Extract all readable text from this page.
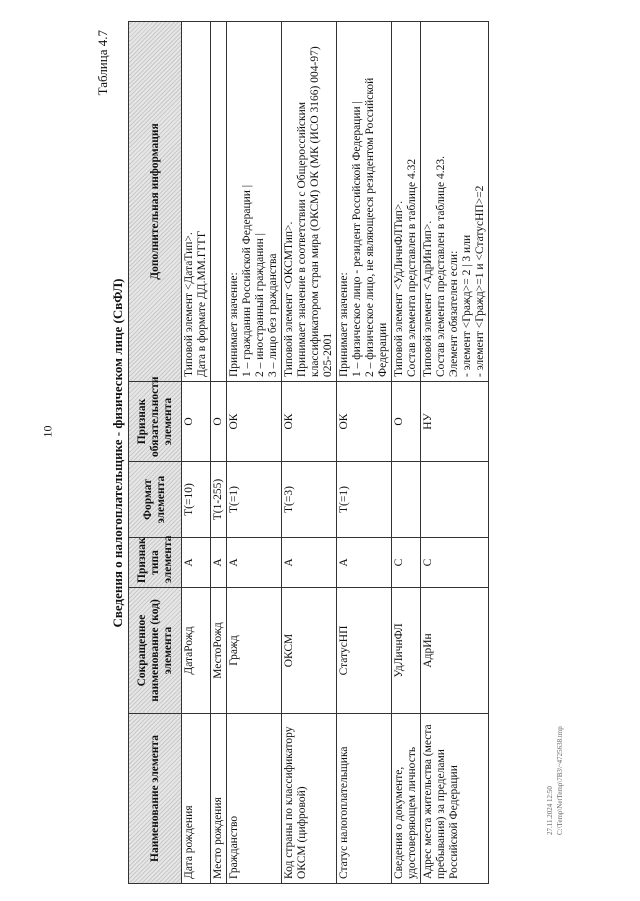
10
Таблица 4.7
Сведения о налогоплательщике - физическом лице (СвФЛ)
Наименование элемента	Сокращенное наименование (код) элемента	Признак типа элемента	Формат элемента	Признак обязательности элемента	Дополнительная информация
Дата рождения	ДатаРожд	А	T(=10)	О	Типовой элемент <ДатаТип>. Дата в формате ДД.ММ.ГГГГ

Место рождения	МестоРожд	А	T(1-255)	О	

Гражданство	Гражд	А	T(=1)	ОК	Принимает значение: 1 – гражданин Российской Федерации | 2 – иностранный гражданин | 3 – лицо без гражданства

Код страны по классификатору ОКСМ (цифровой)	ОКСМ	А	T(=3)	ОК	Типовой элемент <ОКСМТип>. Принимает значение в соответствии с Общероссийским классификатором стран мира (ОКСМ) ОК (МК (ИСО 3166) 004-97) 025-2001

Статус налогоплательщика	СтатусНП	А	T(=1)	ОК	Принимает значение: 1 – физическое лицо - резидент Российской Федерации | 2 – физическое лицо, не являющееся резидентом Российской Федерации

Сведения о документе, удостоверяющем личность	УдЛичнФЛ	С		О	Типовой элемент <УдЛичнФЛТип>. Состав элемента представлен в таблице 4.32

Адрес места жительства (места пребывания) за пределами Российской Федерации	АдрИн	С		НУ	Типовой элемент <АдрИнТип>. Состав элемента представлен в таблице 4.23. Элемент обязателен если: - элемент <Гражд>= 2 | 3 или - элемент <Гражд>=1 и <СтатусНП>=2
27.11.2024 12:50 С:\Temp\NetTemp\7B3\~4725638.tmp
